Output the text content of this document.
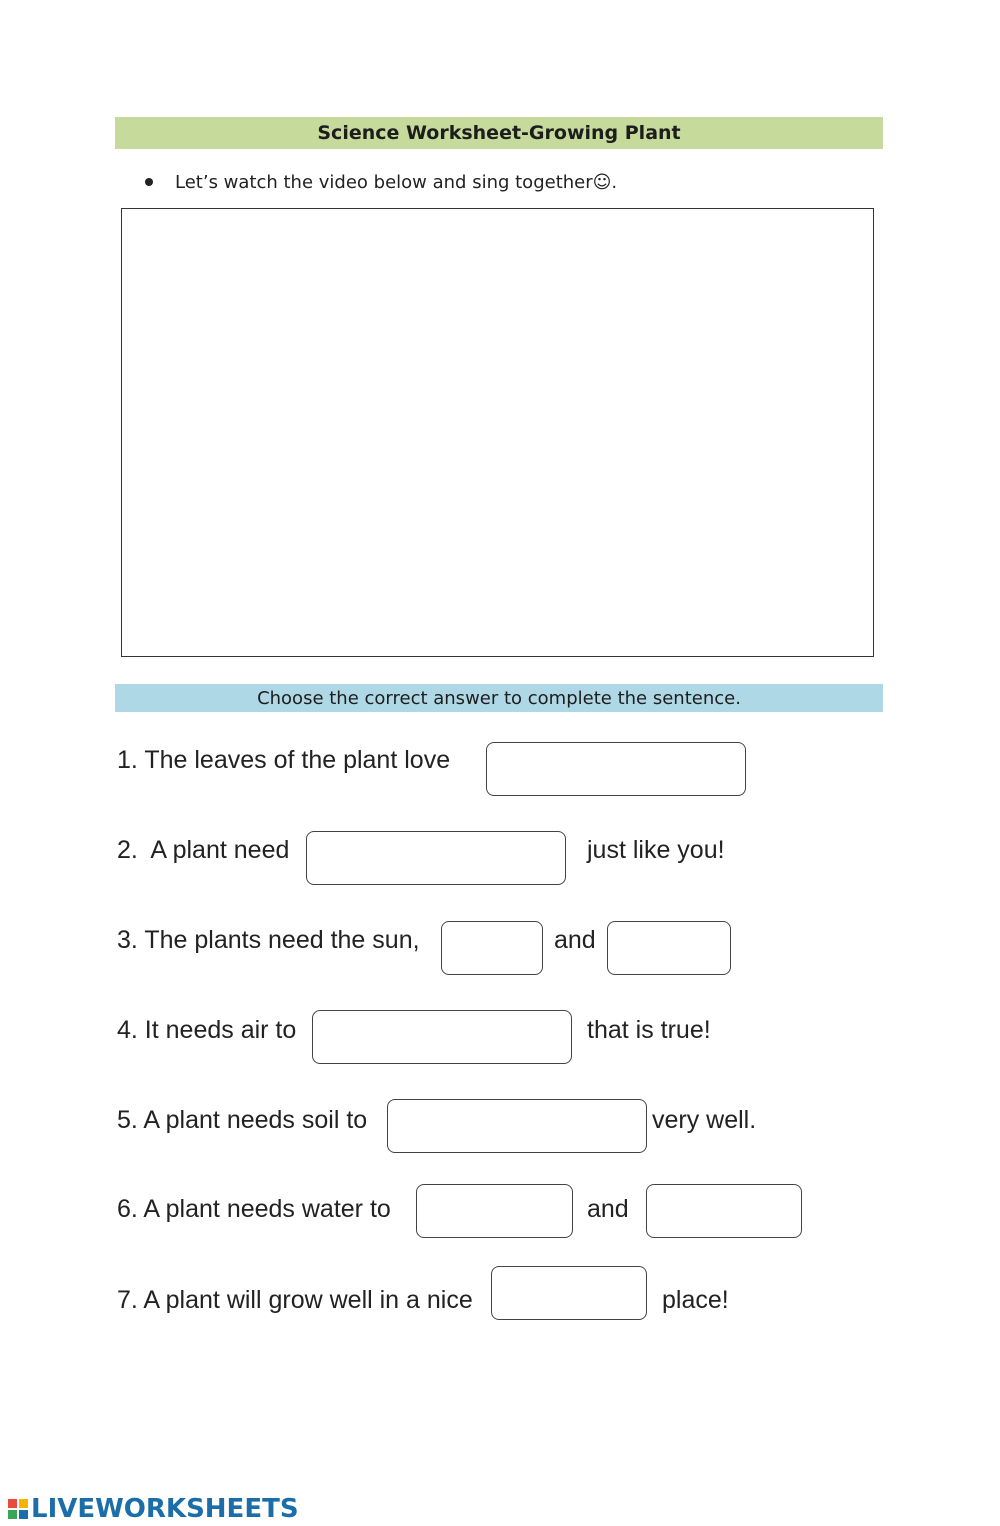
Science Worksheet-Growing Plant
Let’s watch the video below and sing together☺.
Choose the correct answer to complete the sentence.
1. The leaves of the plant love
2.  A plant need	just like you!
3. The plants need the sun,	and
4. It needs air to	that is true!
5. A plant needs soil to	very well.
6. A plant needs water to	and
7. A plant will grow well in a nice	place!
LIVEWORKSHEETS
